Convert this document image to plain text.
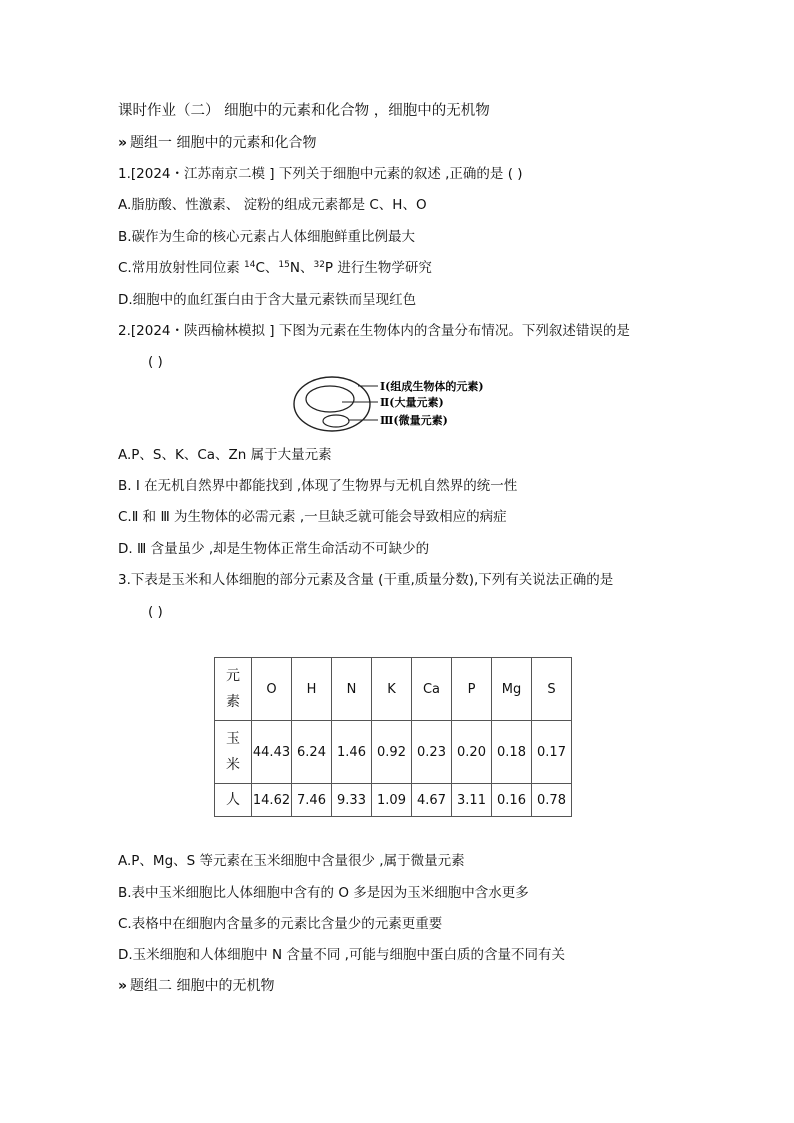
课时作业（二） 细胞中的元素和化合物 ，细胞中的无机物
» 题组一 细胞中的元素和化合物
1.[2024・江苏南京二模 ] 下列关于细胞中元素的叙述 ,正确的是 ( )
A.脂肪酸、性激素、 淀粉的组成元素都是 C、H、O
B.碳作为生命的核心元素占人体细胞鲜重比例最大
C.常用放射性同位素 $^{14}$C、$^{15}$N、$^{32}$P 进行生物学研究
D.细胞中的血红蛋白由于含大量元素铁而呈现红色
2.[2024・陕西榆林模拟 ] 下图为元素在生物体内的含量分布情况。下列叙述错误的是
( )
Ⅰ(组成生物体的元素)
Ⅱ(大量元素)
Ⅲ(微量元素)
A.P、S、K、Ca、Zn 属于大量元素
B. Ⅰ 在无机自然界中都能找到 ,体现了生物界与无机自然界的统一性
C.Ⅱ 和 Ⅲ 为生物体的必需元素 ,一旦缺乏就可能会导致相应的病症
D. Ⅲ 含量虽少 ,却是生物体正常生命活动不可缺少的
3.下表是玉米和人体细胞的部分元素及含量 (干重,质量分数),下列有关说法正确的是
( )
元
素	O	H	N	K	Ca	P	Mg	S

玉
米	44.43	6.24	1.46	0.92	0.23	0.20	0.18	0.17

人	14.62	7.46	9.33	1.09	4.67	3.11	0.16	0.78
A.P、Mg、S 等元素在玉米细胞中含量很少 ,属于微量元素
B.表中玉米细胞比人体细胞中含有的 O 多是因为玉米细胞中含水更多
C.表格中在细胞内含量多的元素比含量少的元素更重要
D.玉米细胞和人体细胞中 N 含量不同 ,可能与细胞中蛋白质的含量不同有关
» 题组二 细胞中的无机物
